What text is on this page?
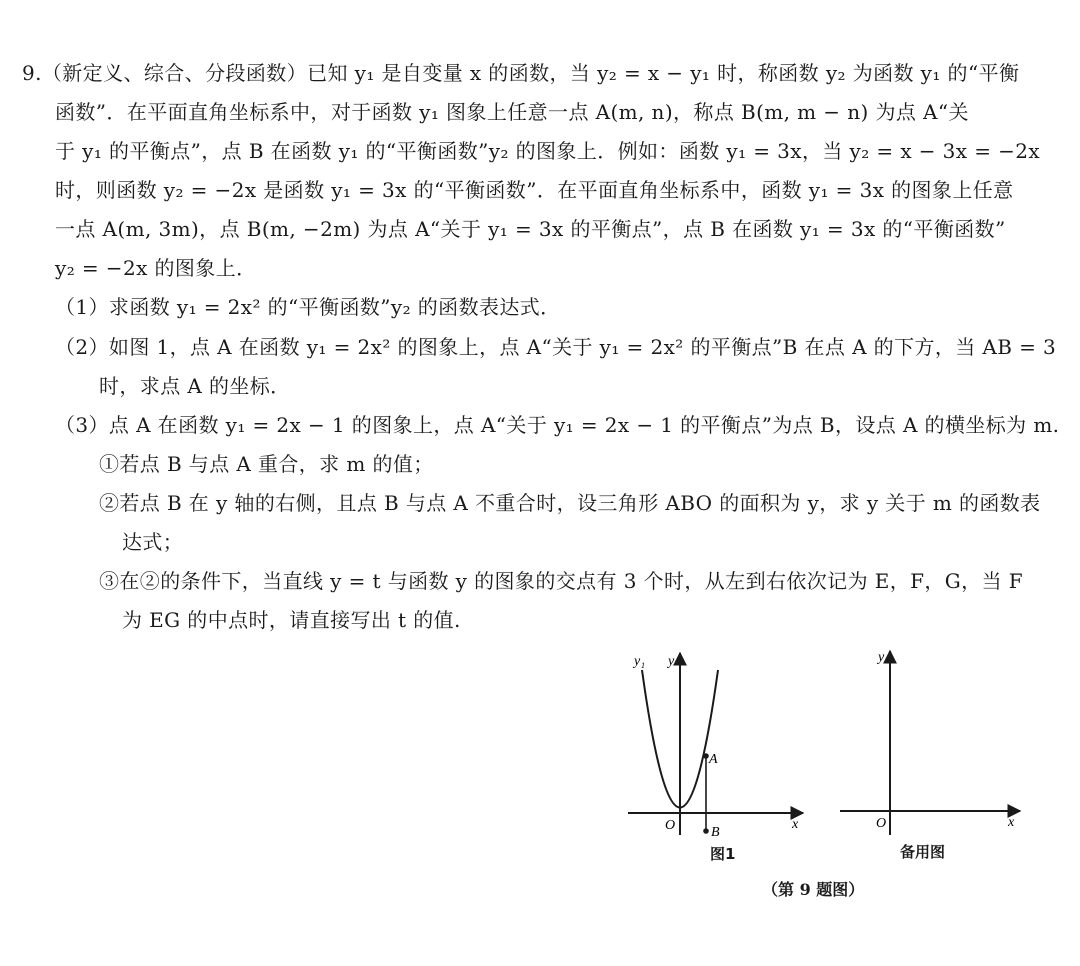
9.（新定义、综合、分段函数）已知 y₁ 是自变量 x 的函数，当 y₂ = x − y₁ 时，称函数 y₂ 为函数 y₁ 的“平衡
函数”．在平面直角坐标系中，对于函数 y₁ 图象上任意一点 A(m, n)，称点 B(m, m − n) 为点 A“关
于 y₁ 的平衡点”，点 B 在函数 y₁ 的“平衡函数”y₂ 的图象上．例如：函数 y₁ = 3x，当 y₂ = x − 3x = −2x
时，则函数 y₂ = −2x 是函数 y₁ = 3x 的“平衡函数”．在平面直角坐标系中，函数 y₁ = 3x 的图象上任意
一点 A(m, 3m)，点 B(m, −2m) 为点 A“关于 y₁ = 3x 的平衡点”，点 B 在函数 y₁ = 3x 的“平衡函数”
y₂ = −2x 的图象上．
（1）求函数 y₁ = 2x² 的“平衡函数”y₂ 的函数表达式．
（2）如图 1，点 A 在函数 y₁ = 2x² 的图象上，点 A“关于 y₁ = 2x² 的平衡点”B 在点 A 的下方，当 AB = 3
时，求点 A 的坐标．
（3）点 A 在函数 y₁ = 2x − 1 的图象上，点 A“关于 y₁ = 2x − 1 的平衡点”为点 B，设点 A 的横坐标为 m.
①若点 B 与点 A 重合，求 m 的值；
②若点 B 在 y 轴的右侧，且点 B 与点 A 不重合时，设三角形 ABO 的面积为 y，求 y 关于 m 的函数表
达式；
③在②的条件下，当直线 y = t 与函数 y 的图象的交点有 3 个时，从左到右依次记为 E，F，G，当 F
为 EG 的中点时，请直接写出 t 的值.
y₁ y
x
O
A
B
图1
y
x
O
备用图
（第 9 题图）
